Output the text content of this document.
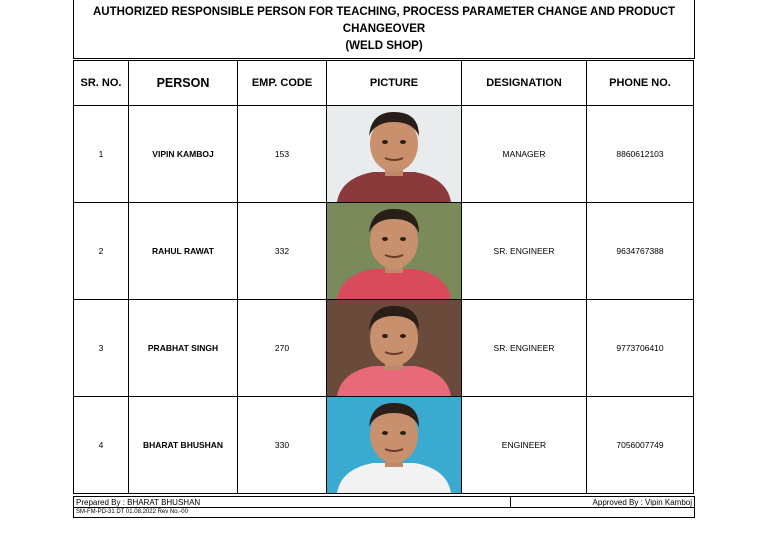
AUTHORIZED RESPONSIBLE PERSON FOR TEACHING, PROCESS PARAMETER CHANGE AND PRODUCT CHANGEOVER
(WELD SHOP)
SR. NO.	PERSON	EMP. CODE	PICTURE	DESIGNATION	PHONE NO.
1	VIPIN KAMBOJ	153		MANAGER	8860612103
2	RAHUL RAWAT	332		SR. ENGINEER	9634767388
3	PRABHAT SINGH	270		SR. ENGINEER	9773706410
4	BHARAT BHUSHAN	330		ENGINEER	7056007749
Prepared By : BHARAT BHUSHAN	Approved By : Vipin Kamboj
SM-FM-PD-31 DT 01.08.2022 Rev No.-00
